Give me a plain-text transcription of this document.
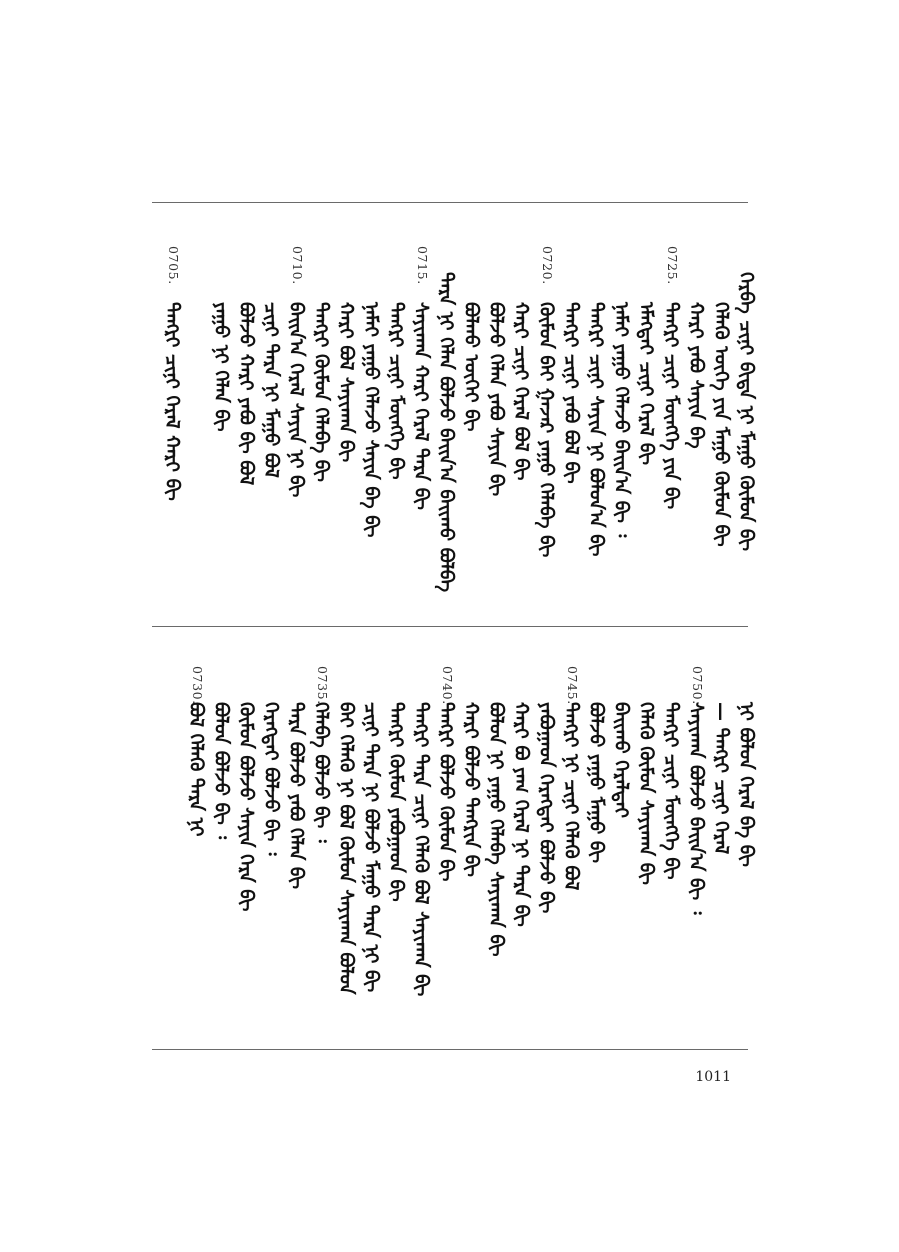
ᠬᠡᠷᠪᠡ ᠴᠢᠨᠢ ᠪᠢᠳᠡ ᠨᠢ ᠮᠠᠭᠤ ᠬᠦᠮᠦᠨ ᠪᠢ
ᠬᠡᠯᠡᠬᠦ ᠦᠭᠡ ᠶᠢᠨ ᠮᠠᠭᠤ ᠬᠦᠮᠦᠨ ᠪᠢ
ᠬᠠᠷᠢ ᠶᠠᠪᠤ ᠰᠠᠶᠢᠨ ᠪᠡ
0725.
ᠲᠡᠩᠷᠢ ᠴᠢᠨᠢ ᠮᠥᠩᠬᠡ ᠶᠢᠨ ᠪᠢ
ᠡᠮᠡᠭᠲᠡᠢ ᠴᠢᠨᠢ ᠭᠡᠷᠡᠯ ᠪᠢ
ᠨᠠᠮᠠᠢ ᠶᠠᠭᠤ ᠬᠡᠯᠡᠵᠦ ᠪᠠᠢᠨ᠎ᠠ ᠪᠢ ᠄
ᠲᠡᠩᠷᠢ ᠴᠢᠨᠢ ᠰᠠᠶᠢᠨ ᠨᠢ ᠪᠣᠯᠤᠨ᠎ᠠ ᠪᠢ
ᠲᠡᠩᠷᠢ ᠴᠢᠨᠢ ᠶᠠᠪᠤ ᠪᠣᠯ ᠪᠢ
0720.
ᠬᠦᠮᠦᠨ ᠪᠠᠢ ᠭᠠᠵᠠᠷ ᠶᠠᠭᠤ ᠬᠡᠯᠡᠪᠡ ᠪᠢ
ᠬᠠᠷᠢ ᠴᠢᠨᠢ ᠭᠡᠷᠡᠯ ᠪᠣᠯ ᠪᠢ
ᠪᠣᠯᠵᠤ ᠬᠡᠯᠡᠨ ᠶᠠᠪᠤ ᠰᠠᠶᠢᠨ ᠪᠢ
ᠪᠣᠯᠬᠤ ᠦᠭᠡᠢ ᠪᠢ
ᠲᠡᠷᠡ ᠨᠢ ᠬᠡᠯᠡᠨ ᠪᠣᠯᠵᠤ ᠪᠠᠢᠨ᠎ᠠ ᠪᠠᠢᠬᠤ ᠪᠣᠯᠪᠠ
0715.
ᠰᠠᠶᠢᠬᠠᠨ ᠬᠠᠷᠢ ᠭᠡᠷᠡᠯ ᠲᠡᠷᠡ ᠪᠢ
ᠲᠡᠩᠷᠢ ᠴᠢᠨᠢ ᠮᠥᠩᠬᠡ ᠪᠢ
ᠨᠠᠮᠠᠢ ᠶᠠᠭᠤ ᠬᠡᠯᠡᠵᠦ ᠰᠠᠶᠢᠨ ᠪᠡ ᠪᠢ
ᠬᠠᠷᠢ ᠪᠣᠯ ᠰᠠᠶᠢᠬᠠᠨ ᠪᠢ
ᠲᠡᠩᠷᠢ ᠬᠦᠮᠦᠨ ᠬᠡᠯᠡᠪᠡ ᠪᠢ
0710.
ᠪᠠᠢᠨ᠎ᠠ ᠭᠡᠷᠡᠯ ᠰᠠᠶᠢᠨ ᠨᠢ ᠪᠢ
ᠴᠢᠨᠢ ᠲᠡᠷᠡ ᠨᠢ ᠮᠠᠭᠤ ᠪᠣᠯ
ᠪᠣᠯᠵᠤ ᠬᠠᠷᠢ ᠶᠠᠪᠤ ᠪᠢ ᠪᠣᠯ
ᠶᠠᠭᠤ ᠨᠢ ᠬᠡᠯᠡᠨ ᠪᠢ
0705.
ᠲᠡᠩᠷᠢ ᠴᠢᠨᠢ ᠭᠡᠷᠡᠯ ᠬᠠᠷᠢ ᠪᠢ
ᠨᠢ ᠪᠣᠯᠤᠨ ᠭᠡᠷᠡᠯ ᠪᠡ ᠪᠢ
— ᠲᠡᠩᠷᠢ ᠴᠢᠨᠢ ᠭᠡᠷᠡᠯ
0750.
ᠰᠠᠶᠢᠬᠠᠨ ᠪᠣᠯᠵᠤ ᠪᠠᠢᠨ᠎ᠠ ᠪᠢ ᠄
ᠲᠡᠩᠷᠢ ᠴᠢᠨᠢ ᠮᠥᠩᠬᠡ ᠪᠢ
ᠬᠡᠯᠡᠬᠦ ᠬᠦᠮᠦᠨ ᠰᠠᠶᠢᠬᠠᠨ ᠪᠢ
ᠪᠠᠢᠬᠤ ᠭᠡᠷᠡᠯᠲᠡᠢ
ᠪᠣᠯᠵᠤ ᠶᠠᠭᠤ ᠮᠠᠭᠤ ᠪᠢ
0745.
ᠲᠡᠩᠷᠢ ᠨᠢ ᠴᠢᠨᠢ ᠬᠡᠯᠡᠬᠦ ᠪᠣᠯ
ᠶᠠᠪᠤᠭᠠᠳ ᠬᠡᠷᠡᠭᠲᠡᠢ ᠪᠣᠯᠵᠤ ᠪᠢ
ᠬᠠᠷᠢ ᠪᠣ ᠶᠠᠭ ᠭᠡᠷᠡᠯ ᠨᠢ ᠲᠡᠷᠡ ᠪᠢ
ᠪᠣᠯᠤᠨ ᠨᠢ ᠶᠠᠭᠤ ᠬᠡᠯᠡᠪᠡ ᠰᠠᠶᠢᠬᠠᠨ ᠪᠢ
ᠬᠠᠷᠢ ᠪᠣᠯᠵᠤ ᠲᠡᠩᠷᠢᠨ ᠪᠢ
0740.
ᠲᠡᠩᠷᠢ ᠪᠣᠯᠵᠤ ᠬᠦᠮᠦᠨ ᠪᠢ
ᠲᠡᠩᠷᠢ ᠲᠡᠷᠡ ᠴᠢᠨᠢ ᠬᠡᠯᠡᠬᠦ ᠪᠣᠯ ᠰᠠᠶᠢᠬᠠᠨ ᠪᠢ
ᠲᠡᠩᠷᠢ ᠬᠦᠮᠦᠨ ᠶᠠᠪᠤᠭᠠᠳ ᠪᠢ
ᠴᠢᠨᠢ ᠲᠡᠷᠡ ᠨᠢ ᠪᠣᠯᠵᠤ ᠮᠠᠭᠤ ᠲᠡᠷᠡ ᠨᠢ ᠪᠢ
ᠪᠠᠢ ᠬᠡᠯᠡᠬᠦ ᠨᠢ ᠪᠣᠯ ᠬᠦᠮᠦᠨ ᠰᠠᠶᠢᠬᠠᠨ ᠪᠣᠯᠤᠨ
0735.
ᠬᠡᠯᠡᠪᠡ ᠪᠣᠯᠵᠤ ᠪᠢ ᠄
ᠲᠡᠷᠡ ᠪᠣᠯᠵᠤ ᠶᠠᠪᠤ ᠬᠡᠯᠡᠨ ᠪᠢ
ᠬᠡᠷᠡᠭᠲᠡᠢ ᠪᠣᠯᠵᠤ ᠪᠢ ᠄
ᠬᠦᠮᠦᠨ ᠪᠣᠯᠵᠤ ᠰᠠᠶᠢᠨ ᠬᠡᠷᠡ ᠪᠢ
ᠪᠣᠯᠤᠨ ᠪᠣᠯᠵᠤ ᠪᠢ ᠄
0730.
ᠪᠣᠯ ᠬᠡᠯᠡᠬᠦ ᠲᠡᠷᠡ ᠨᠢ
1011
